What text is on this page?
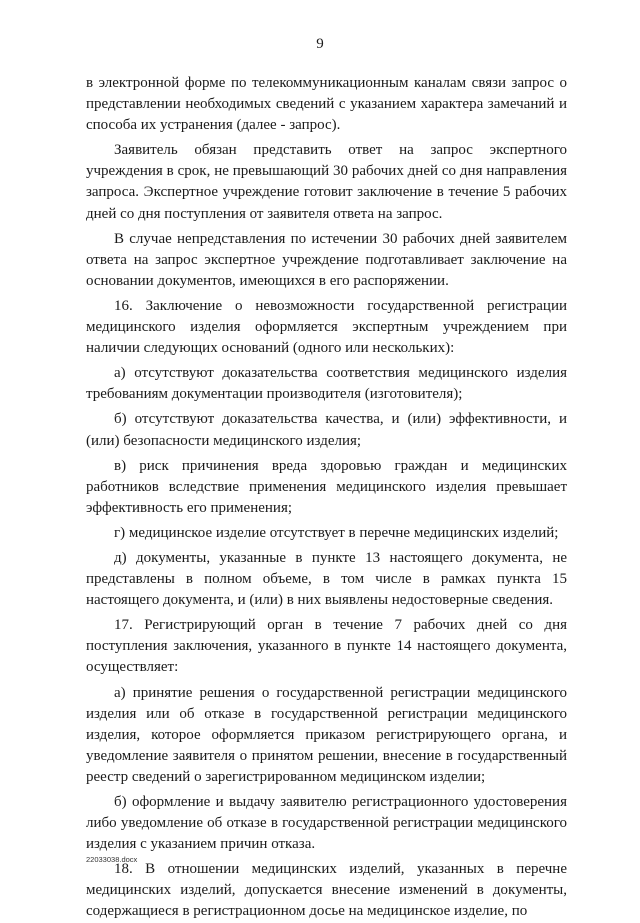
9

в электронной форме по телекоммуникационным каналам связи запрос о представлении необходимых сведений с указанием характера замечаний и способа их устранения (далее - запрос).

Заявитель обязан представить ответ на запрос экспертного учреждения в срок, не превышающий 30 рабочих дней со дня направления запроса. Экспертное учреждение готовит заключение в течение 5 рабочих дней со дня поступления от заявителя ответа на запрос.

В случае непредставления по истечении 30 рабочих дней заявителем ответа на запрос экспертное учреждение подготавливает заключение на основании документов, имеющихся в его распоряжении.

16. Заключение о невозможности государственной регистрации медицинского изделия оформляется экспертным учреждением при наличии следующих оснований (одного или нескольких):

а) отсутствуют доказательства соответствия медицинского изделия требованиям документации производителя (изготовителя);

б) отсутствуют доказательства качества, и (или) эффективности, и (или) безопасности медицинского изделия;

в) риск причинения вреда здоровью граждан и медицинских работников вследствие применения медицинского изделия превышает эффективность его применения;

г) медицинское изделие отсутствует в перечне медицинских изделий;

д) документы, указанные в пункте 13 настоящего документа, не представлены в полном объеме, в том числе в рамках пункта 15 настоящего документа, и (или) в них выявлены недостоверные сведения.

17. Регистрирующий орган в течение 7 рабочих дней со дня поступления заключения, указанного в пункте 14 настоящего документа, осуществляет:

а) принятие решения о государственной регистрации медицинского изделия или об отказе в государственной регистрации медицинского изделия, которое оформляется приказом регистрирующего органа, и уведомление заявителя о принятом решении, внесение в государственный реестр сведений о зарегистрированном медицинском изделии;

б) оформление и выдачу заявителю регистрационного удостоверения либо уведомление об отказе в государственной регистрации медицинского изделия с указанием причин отказа.

18. В отношении медицинских изделий, указанных в перечне медицинских изделий, допускается внесение изменений в документы, содержащиеся в регистрационном досье на медицинское изделие, по

22033038.docx
